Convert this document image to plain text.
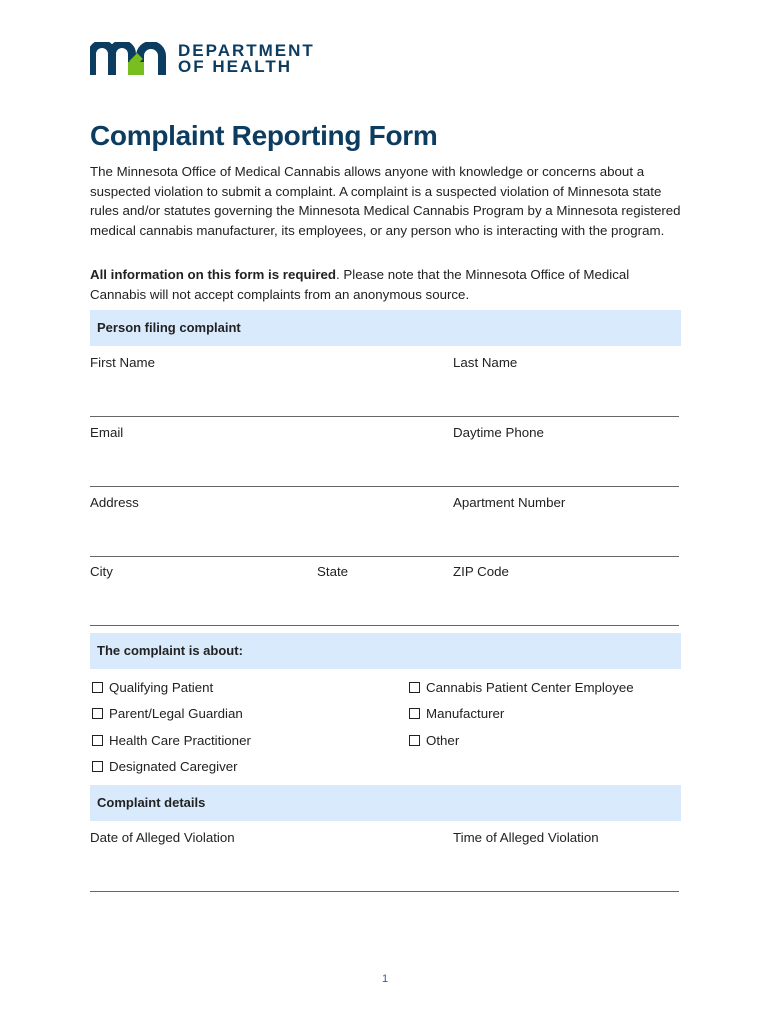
DEPARTMENT
OF HEALTH
Complaint Reporting Form
The Minnesota Office of Medical Cannabis allows anyone with knowledge or concerns about a suspected violation to submit a complaint. A complaint is a suspected violation of Minnesota state rules and/or statutes governing the Minnesota Medical Cannabis Program by a Minnesota registered medical cannabis manufacturer, its employees, or any person who is interacting with the program.
All information on this form is required. Please note that the Minnesota Office of Medical Cannabis will not accept complaints from an anonymous source.
Person filing complaint
First Name	Last Name
Email	Daytime Phone
Address	Apartment Number
City	State	ZIP Code
The complaint is about:
Qualifying Patient
Parent/Legal Guardian
Health Care Practitioner
Designated Caregiver
Cannabis Patient Center Employee
Manufacturer
Other
Complaint details
Date of Alleged Violation	Time of Alleged Violation
1
